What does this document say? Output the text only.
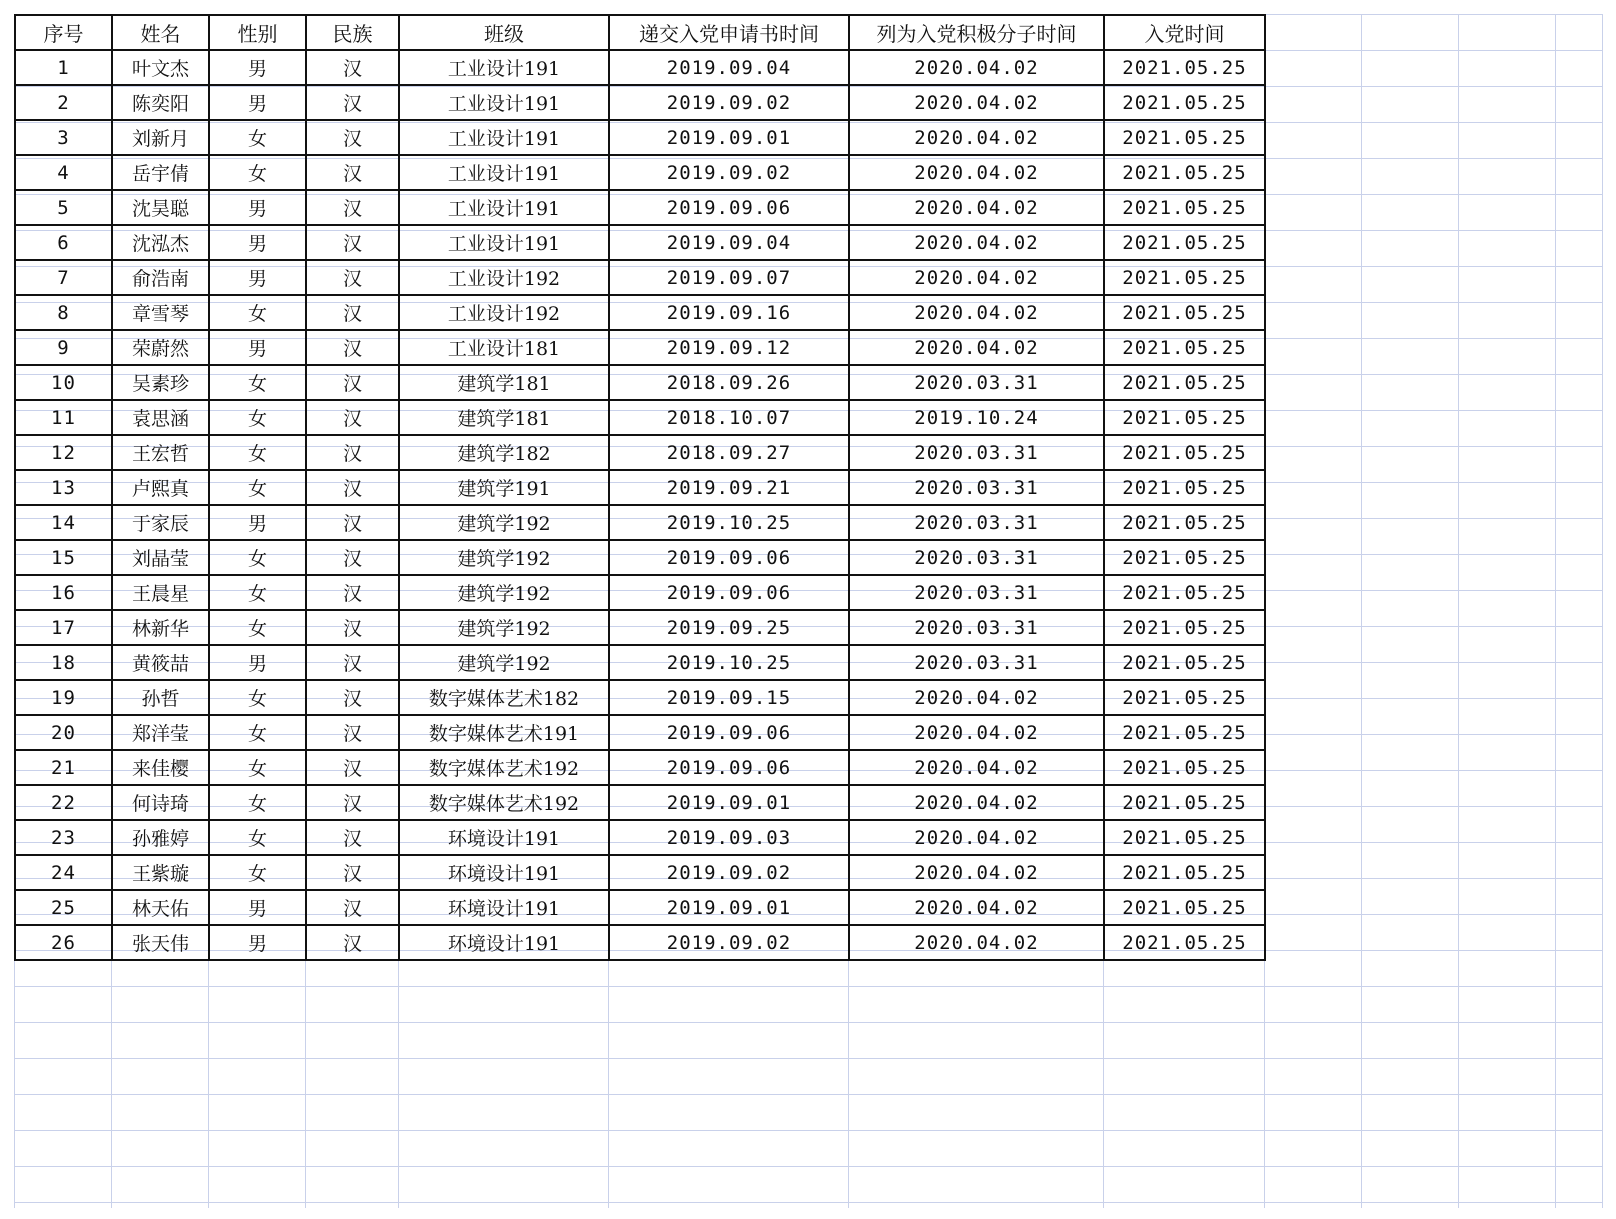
序号	姓名	性别	民族	班级	递交入党申请书时间	列为入党积极分子时间	入党时间
1	叶文杰	男	汉	工业设计191	2019.09.04	2020.04.02	2021.05.25
2	陈奕阳	男	汉	工业设计191	2019.09.02	2020.04.02	2021.05.25
3	刘新月	女	汉	工业设计191	2019.09.01	2020.04.02	2021.05.25
4	岳宇倩	女	汉	工业设计191	2019.09.02	2020.04.02	2021.05.25
5	沈昊聪	男	汉	工业设计191	2019.09.06	2020.04.02	2021.05.25
6	沈泓杰	男	汉	工业设计191	2019.09.04	2020.04.02	2021.05.25
7	俞浩南	男	汉	工业设计192	2019.09.07	2020.04.02	2021.05.25
8	章雪琴	女	汉	工业设计192	2019.09.16	2020.04.02	2021.05.25
9	荣蔚然	男	汉	工业设计181	2019.09.12	2020.04.02	2021.05.25
10	吴素珍	女	汉	建筑学181	2018.09.26	2020.03.31	2021.05.25
11	袁思涵	女	汉	建筑学181	2018.10.07	2019.10.24	2021.05.25
12	王宏哲	女	汉	建筑学182	2018.09.27	2020.03.31	2021.05.25
13	卢熙真	女	汉	建筑学191	2019.09.21	2020.03.31	2021.05.25
14	于家辰	男	汉	建筑学192	2019.10.25	2020.03.31	2021.05.25
15	刘晶莹	女	汉	建筑学192	2019.09.06	2020.03.31	2021.05.25
16	王晨星	女	汉	建筑学192	2019.09.06	2020.03.31	2021.05.25
17	林新华	女	汉	建筑学192	2019.09.25	2020.03.31	2021.05.25
18	黄筱喆	男	汉	建筑学192	2019.10.25	2020.03.31	2021.05.25
19	孙哲	女	汉	数字媒体艺术182	2019.09.15	2020.04.02	2021.05.25
20	郑洋莹	女	汉	数字媒体艺术191	2019.09.06	2020.04.02	2021.05.25
21	来佳樱	女	汉	数字媒体艺术192	2019.09.06	2020.04.02	2021.05.25
22	何诗琦	女	汉	数字媒体艺术192	2019.09.01	2020.04.02	2021.05.25
23	孙雅婷	女	汉	环境设计191	2019.09.03	2020.04.02	2021.05.25
24	王紫璇	女	汉	环境设计191	2019.09.02	2020.04.02	2021.05.25
25	林天佑	男	汉	环境设计191	2019.09.01	2020.04.02	2021.05.25
26	张天伟	男	汉	环境设计191	2019.09.02	2020.04.02	2021.05.25
